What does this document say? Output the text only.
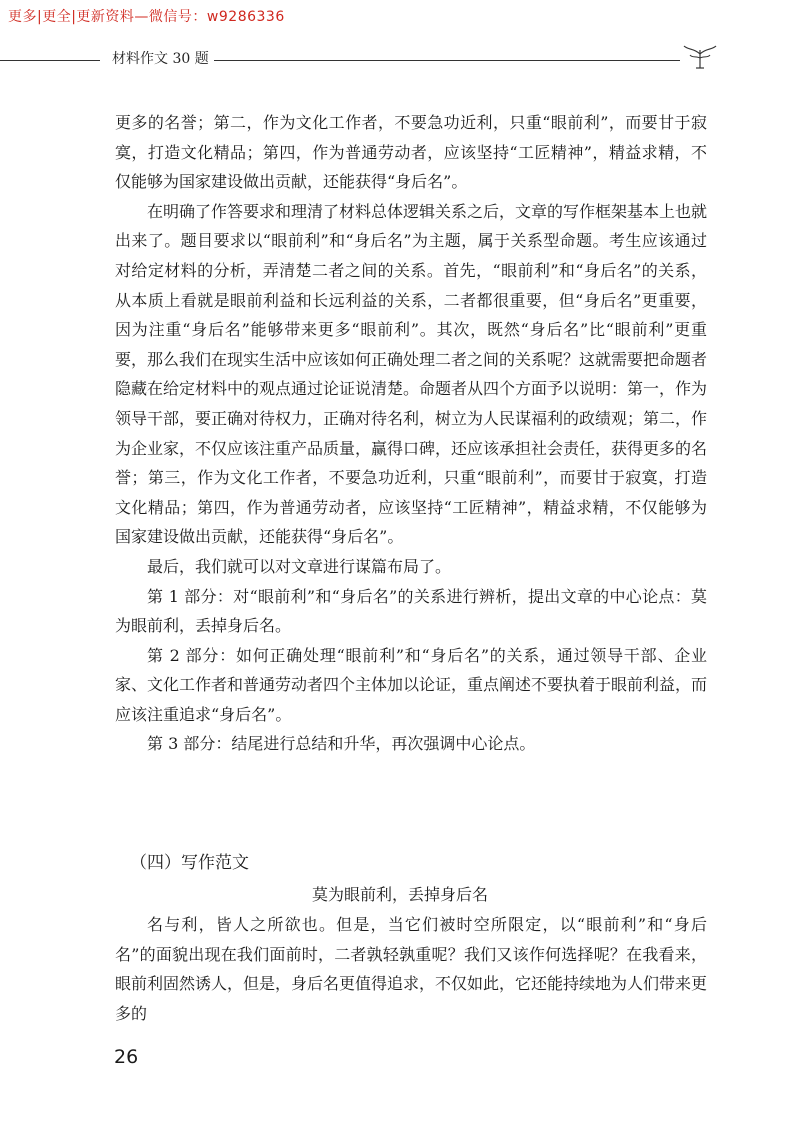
更多|更全|更新资料—微信号：w9286336
材料作文 30 题

更多的名誉；第二，作为文化工作者，不要急功近利，只重“眼前利”，而要甘于寂寞，打造文化精品；第四，作为普通劳动者，应该坚持“工匠精神”，精益求精，不仅能够为国家建设做出贡献，还能获得“身后名”。

在明确了作答要求和理清了材料总体逻辑关系之后，文章的写作框架基本上也就出来了。题目要求以“眼前利”和“身后名”为主题，属于关系型命题。考生应该通过对给定材料的分析，弄清楚二者之间的关系。首先，“眼前利”和“身后名”的关系，从本质上看就是眼前利益和长远利益的关系，二者都很重要，但“身后名”更重要，因为注重“身后名”能够带来更多“眼前利”。其次，既然“身后名”比“眼前利”更重要，那么我们在现实生活中应该如何正确处理二者之间的关系呢？这就需要把命题者隐藏在给定材料中的观点通过论证说清楚。命题者从四个方面予以说明：第一，作为领导干部，要正确对待权力，正确对待名利，树立为人民谋福利的政绩观；第二，作为企业家，不仅应该注重产品质量，赢得口碑，还应该承担社会责任，获得更多的名誉；第三，作为文化工作者，不要急功近利，只重“眼前利”，而要甘于寂寞，打造文化精品；第四，作为普通劳动者，应该坚持“工匠精神”，精益求精，不仅能够为国家建设做出贡献，还能获得“身后名”。

最后，我们就可以对文章进行谋篇布局了。

第 1 部分：对“眼前利”和“身后名”的关系进行辨析，提出文章的中心论点：莫为眼前利，丢掉身后名。

第 2 部分：如何正确处理“眼前利”和“身后名”的关系，通过领导干部、企业家、文化工作者和普通劳动者四个主体加以论证，重点阐述不要执着于眼前利益，而应该注重追求“身后名”。

第 3 部分：结尾进行总结和升华，再次强调中心论点。

（四）写作范文
莫为眼前利，丢掉身后名

名与利，皆人之所欲也。但是，当它们被时空所限定，以“眼前利”和“身后名”的面貌出现在我们面前时，二者孰轻孰重呢？我们又该作何选择呢？在我看来，眼前利固然诱人，但是，身后名更值得追求，不仅如此，它还能持续地为人们带来更多的

26
